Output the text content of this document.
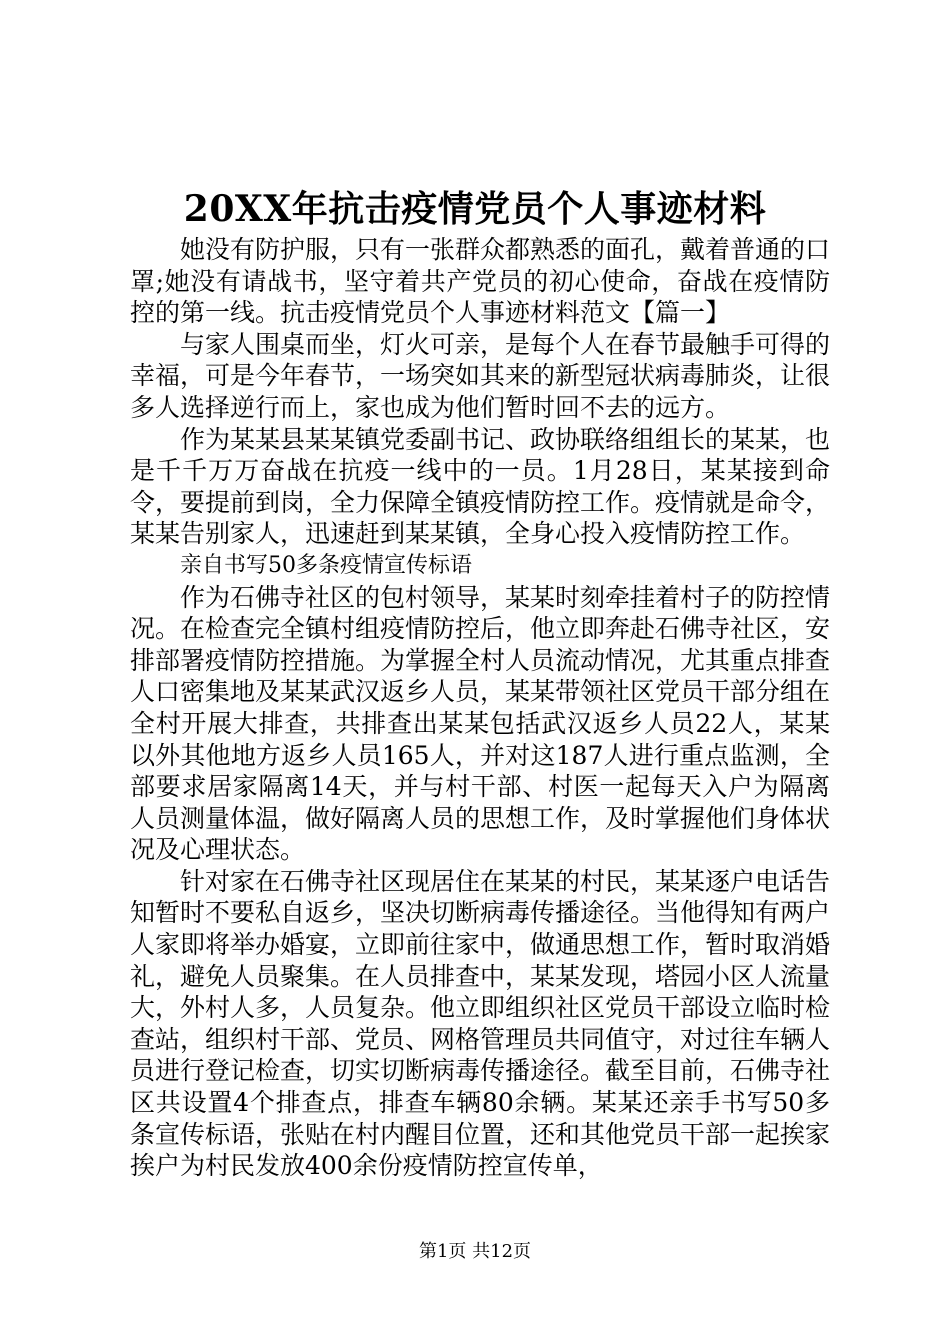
20XX年抗击疫情党员个人事迹材料

她没有防护服，只有一张群众都熟悉的面孔，戴着普通的口罩;她没有请战书，坚守着共产党员的初心使命，奋战在疫情防控的第一线。抗击疫情党员个人事迹材料范文【篇一】

与家人围桌而坐，灯火可亲，是每个人在春节最触手可得的幸福，可是今年春节，一场突如其来的新型冠状病毒肺炎，让很多人选择逆行而上，家也成为他们暂时回不去的远方。

作为某某县某某镇党委副书记、政协联络组组长的某某，也是千千万万奋战在抗疫一线中的一员。1月28日，某某接到命令，要提前到岗，全力保障全镇疫情防控工作。疫情就是命令，某某告别家人，迅速赶到某某镇，全身心投入疫情防控工作。

亲自书写50多条疫情宣传标语

作为石佛寺社区的包村领导，某某时刻牵挂着村子的防控情况。在检查完全镇村组疫情防控后，他立即奔赴石佛寺社区，安排部署疫情防控措施。为掌握全村人员流动情况，尤其重点排查人口密集地及某某武汉返乡人员，某某带领社区党员干部分组在全村开展大排查，共排查出某某包括武汉返乡人员22人，某某以外其他地方返乡人员165人，并对这187人进行重点监测，全部要求居家隔离14天，并与村干部、村医一起每天入户为隔离人员测量体温，做好隔离人员的思想工作，及时掌握他们身体状况及心理状态。

针对家在石佛寺社区现居住在某某的村民，某某逐户电话告知暂时不要私自返乡，坚决切断病毒传播途径。当他得知有两户人家即将举办婚宴，立即前往家中，做通思想工作，暂时取消婚礼，避免人员聚集。在人员排查中，某某发现，塔园小区人流量大，外村人多，人员复杂。他立即组织社区党员干部设立临时检查站，组织村干部、党员、网格管理员共同值守，对过往车辆人员进行登记检查，切实切断病毒传播途径。截至目前，石佛寺社区共设置4个排查点，排查车辆80余辆。某某还亲手书写50多条宣传标语，张贴在村内醒目位置，还和其他党员干部一起挨家挨户为村民发放400余份疫情防控宣传单，

第1页 共12页
